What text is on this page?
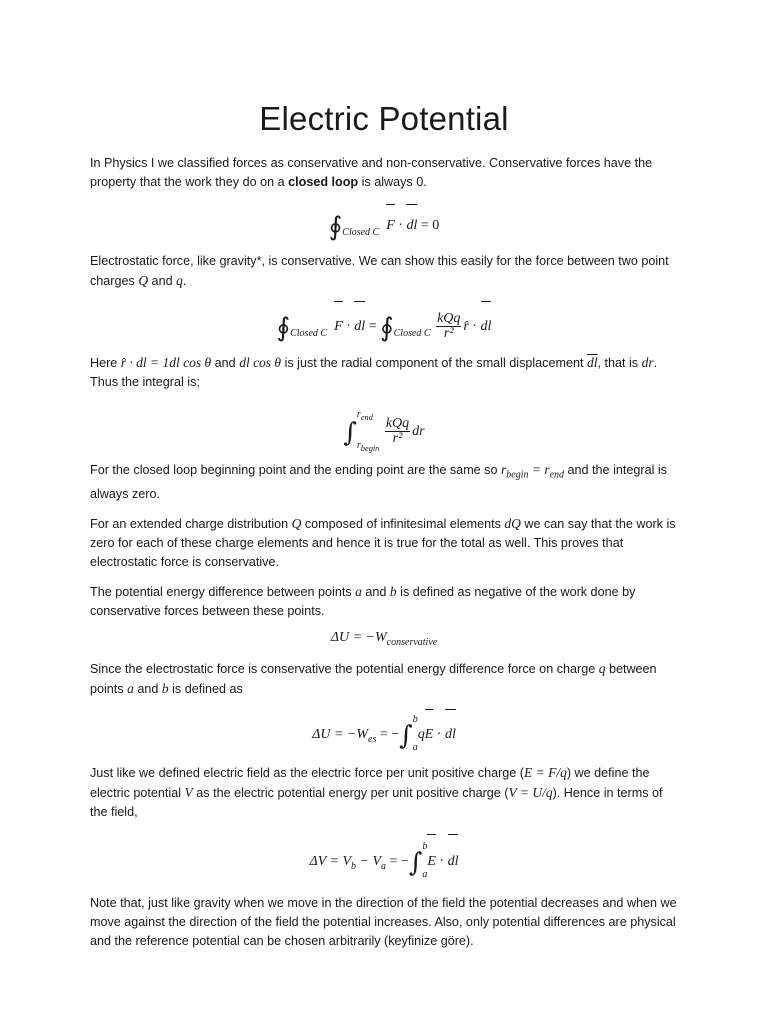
Electric Potential

In Physics I we classified forces as conservative and non-conservative. Conservative forces have the property that the work they do on a closed loop is always 0.

$∮_{Closed C}$ F · dl = 0

Electrostatic force, like gravity*, is conservative. We can show this easily for the force between two point charges Q and q.

$∮_{Closed C}$ F · dl = $∮_{Closed C} \frac{\text{kQq}}{\text{r²}}$ r̂ · dl

Here r̂ · dl = 1dl cos θ and dl cos θ is just the radial component of the small displacement $\overline{dl}$, that is dr. Thus the integral is;

∫
$r_{end}$
$r_{begin}$

$\frac{\text{kQq}}{\text{r²}}$ dr

For the closed loop beginning point and the ending point are the same so $r_{begin} = r_{end}$ and the integral is always zero.

For an extended charge distribution Q composed of infinitesimal elements dQ we can say that the work is zero for each of these charge elements and hence it is true for the total as well. This proves that electrostatic force is conservative.

The potential energy difference between points a and b is defined as negative of the work done by conservative forces between these points.

$\Delta U = -W_{conservative}$

Since the electrostatic force is conservative the potential energy difference force on charge q between points a and b is defined as

$\Delta U = -W_{es}$ = −∫
b
a
qE · dl

Just like we defined electric field as the electric force per unit positive charge (E = F/q) we define the electric potential V as the electric potential energy per unit positive charge (V = U/q). Hence in terms of the field,

$\Delta V = V_b - V_a$ = −∫
b
a
E · dl

Note that, just like gravity when we move in the direction of the field the potential decreases and when we move against the direction of the field the potential increases. Also, only potential differences are physical and the reference potential can be chosen arbitrarily (keyfinize göre).
